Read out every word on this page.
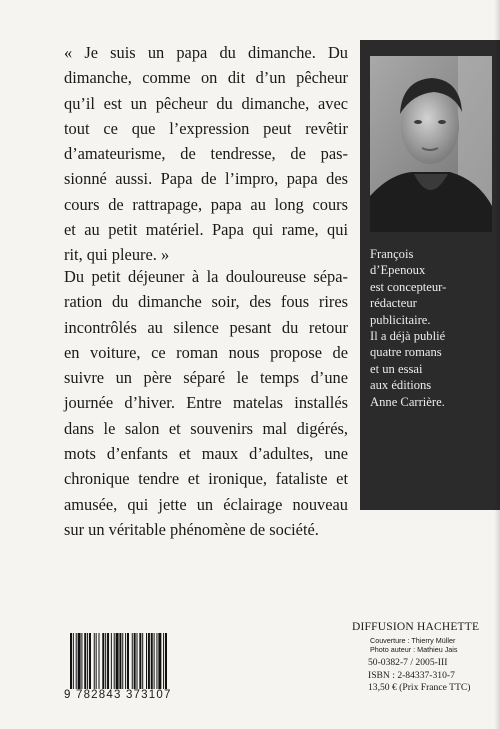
« Je suis un papa du dimanche. Du
dimanche, comme on dit d’un pêcheur
qu’il est un pêcheur du dimanche, avec
tout ce que l’expression peut revêtir
d’amateurisme, de tendresse, de pas-
sionné aussi. Papa de l’impro, papa des
cours de rattrapage, papa au long cours
et au petit matériel. Papa qui rame, qui
rit, qui pleure. »
Du petit déjeuner à la douloureuse sépa-
ration du dimanche soir, des fous rires
incontrôlés au silence pesant du retour
en voiture, ce roman nous propose de
suivre un père séparé le temps d’une
journée d’hiver. Entre matelas installés
dans le salon et souvenirs mal digérés,
mots d’enfants et maux d’adultes, une
chronique tendre et ironique, fataliste et
amusée, qui jette un éclairage nouveau
sur un véritable phénomène de société.
François
d’Epenoux
est concepteur-
rédacteur
publicitaire.
Il a déjà publié
quatre romans
et un essai
aux éditions
Anne Carrière.
9 782843 373107
DIFFUSION HACHETTE
Couverture : Thierry Müller
Photo auteur : Mathieu Jais
50-0382-7 / 2005-III
ISBN : 2-84337-310-7
13,50 € (Prix France TTC)
